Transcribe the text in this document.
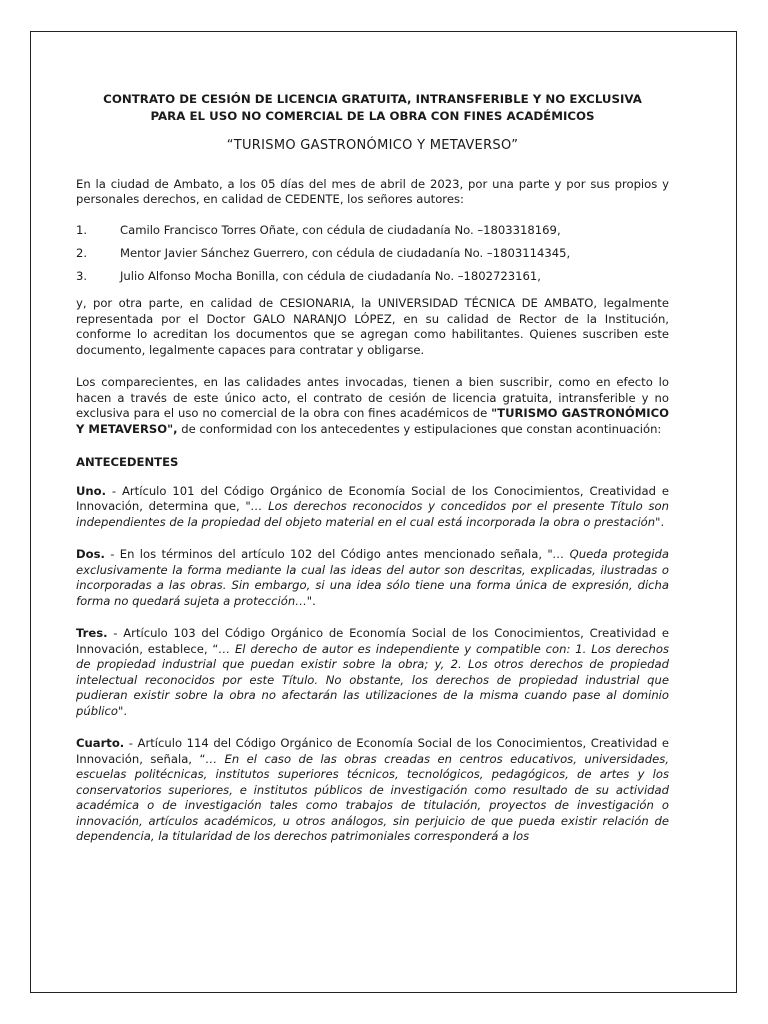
CONTRATO DE CESIÓN DE LICENCIA GRATUITA, INTRANSFERIBLE Y NO EXCLUSIVA
PARA EL USO NO COMERCIAL DE LA OBRA CON FINES ACADÉMICOS
“TURISMO GASTRONÓMICO Y METAVERSO”

En la ciudad de Ambato, a los 05 días del mes de abril de 2023, por una parte y por sus propios y personales derechos, en calidad de CEDENTE, los señores autores:

1.	Camilo Francisco Torres Oñate, con cédula de ciudadanía No. –1803318169,
2.	Mentor Javier Sánchez Guerrero, con cédula de ciudadanía No. –1803114345,
3.	Julio Alfonso Mocha Bonilla, con cédula de ciudadanía No. –1802723161,

y, por otra parte, en calidad de CESIONARIA, la UNIVERSIDAD TÉCNICA DE AMBATO, legalmente representada por el Doctor GALO NARANJO LÓPEZ, en su calidad de Rector de la Institución, conforme lo acreditan los documentos que se agregan como habilitantes. Quienes suscriben este documento, legalmente capaces para contratar y obligarse.

Los comparecientes, en las calidades antes invocadas, tienen a bien suscribir, como en efecto lo hacen a través de este único acto, el contrato de cesión de licencia gratuita, intransferible y no exclusiva para el uso no comercial de la obra con fines académicos de "TURISMO GASTRONÓMICO Y METAVERSO", de conformidad con los antecedentes y estipulaciones que constan acontinuación:

ANTECEDENTES

Uno. - Artículo 101 del Código Orgánico de Economía Social de los Conocimientos, Creatividad e Innovación, determina que, "… Los derechos reconocidos y concedidos por el presente Título son independientes de la propiedad del objeto material en el cual está incorporada la obra o prestación".

Dos. - En los términos del artículo 102 del Código antes mencionado señala, "… Queda protegida exclusivamente la forma mediante la cual las ideas del autor son descritas, explicadas, ilustradas o incorporadas a las obras. Sin embargo, si una idea sólo tiene una forma única de expresión, dicha forma no quedará sujeta a protección…".

Tres. - Artículo 103 del Código Orgánico de Economía Social de los Conocimientos, Creatividad e Innovación, establece, “… El derecho de autor es independiente y compatible con: 1. Los derechos de propiedad industrial que puedan existir sobre la obra; y, 2. Los otros derechos de propiedad intelectual reconocidos por este Título. No obstante, los derechos de propiedad industrial que pudieran existir sobre la obra no afectarán las utilizaciones de la misma cuando pase al dominio público".

Cuarto. - Artículo 114 del Código Orgánico de Economía Social de los Conocimientos, Creatividad e Innovación, señala, “… En el caso de las obras creadas en centros educativos, universidades, escuelas politécnicas, institutos superiores técnicos, tecnológicos, pedagógicos, de artes y los conservatorios superiores, e institutos públicos de investigación como resultado de su actividad académica o de investigación tales como trabajos de titulación, proyectos de investigación o innovación, artículos académicos, u otros análogos, sin perjuicio de que pueda existir relación de dependencia, la titularidad de los derechos patrimoniales corresponderá a los
